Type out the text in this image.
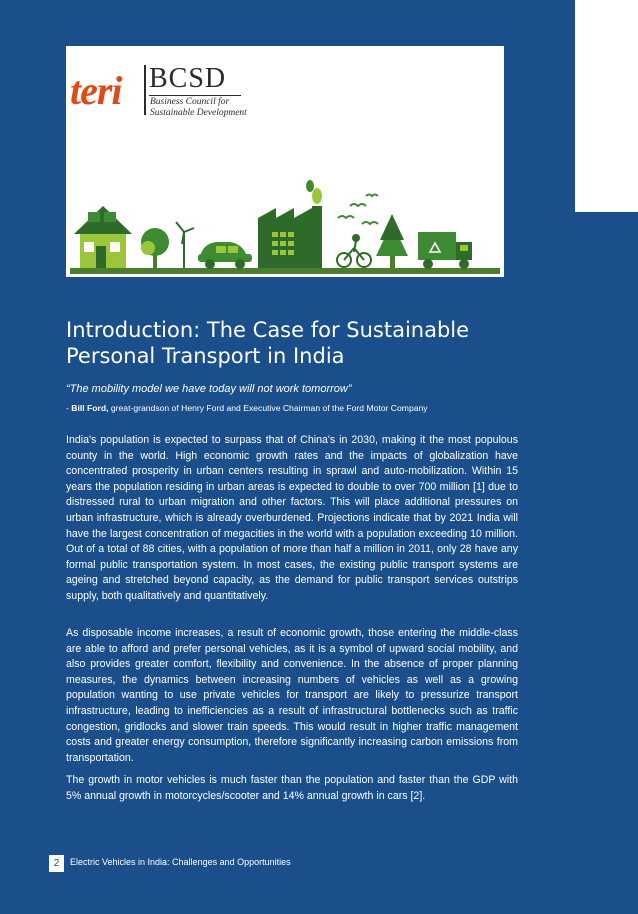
teri BCSD
Business Council for
Sustainable Development
Introduction: The Case for Sustainable Personal Transport in India
“The mobility model we have today will not work tomorrow”
- Bill Ford, great-grandson of Henry Ford and Executive Chairman of the Ford Motor Company

India's population is expected to surpass that of China's in 2030, making it the most populous county in the world. High economic growth rates and the impacts of globalization have concentrated prosperity in urban centers resulting in sprawl and auto-mobilization. Within 15 years the population residing in urban areas is expected to double to over 700 million [1] due to distressed rural to urban migration and other factors. This will place additional pressures on urban infrastructure, which is already overburdened. Projections indicate that by 2021 India will have the largest concentration of megacities in the world with a population exceeding 10 million. Out of a total of 88 cities, with a population of more than half a million in 2011, only 28 have any formal public transportation system. In most cases, the existing public transport systems are ageing and stretched beyond capacity, as the demand for public transport services outstrips supply, both qualitatively and quantitatively.

As disposable income increases, a result of economic growth, those entering the middle-class are able to afford and prefer personal vehicles, as it is a symbol of upward social mobility, and also provides greater comfort, flexibility and convenience. In the absence of proper planning measures, the dynamics between increasing numbers of vehicles as well as a growing population wanting to use private vehicles for transport are likely to pressurize transport infrastructure, leading to inefficiencies as a result of infrastructural bottlenecks such as traffic congestion, gridlocks and slower train speeds. This would result in higher traffic management costs and greater energy consumption, therefore significantly increasing carbon emissions from transportation.

The growth in motor vehicles is much faster than the population and faster than the GDP with 5% annual growth in motorcycles/scooter and 14% annual growth in cars [2].

2	Electric Vehicles in India: Challenges and Opportunities
